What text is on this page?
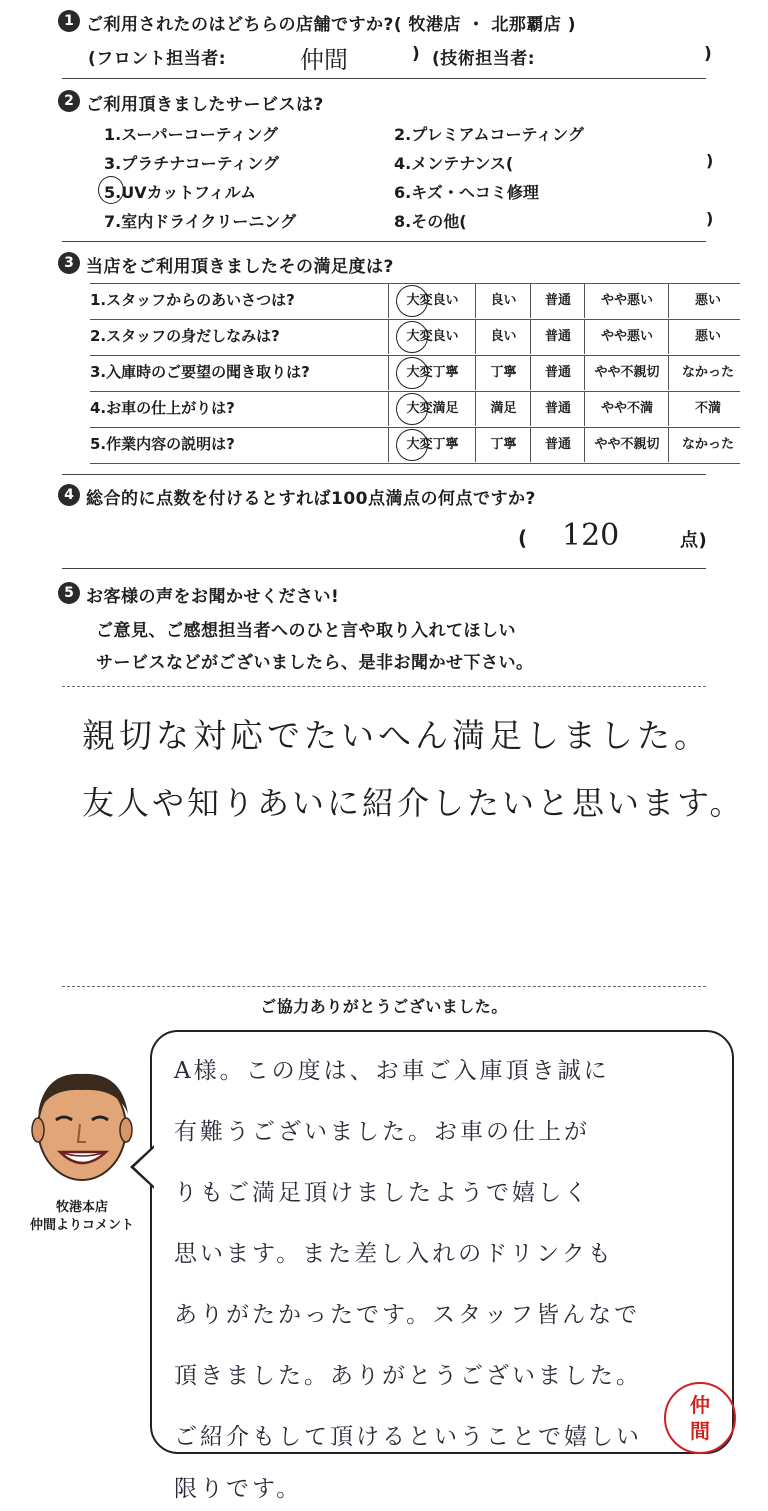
1 ご利用されたのはどちらの店舗ですか?( 牧港店 ・ 北那覇店 )
(フロント担当者:	仲間	) (技術担当者:	)
2 ご利用頂きましたサービスは?
1.スーパーコーティング	2.プレミアムコーティング
3.プラチナコーティング	4.メンテナンス(	)
5.UVカットフィルム	6.キズ・ヘコミ修理
7.室内ドライクリーニング	8.その他(	)
3 当店をご利用頂きましたその満足度は?
1.スタッフからのあいさつは?	大変良い	良い	普通	やや悪い	悪い
2.スタッフの身だしなみは?	大変良い	良い	普通	やや悪い	悪い
3.入庫時のご要望の聞き取りは?	大変丁寧	丁寧	普通	やや不親切	なかった
4.お車の仕上がりは?	大変満足	満足	普通	やや不満	不満
5.作業内容の説明は?	大変丁寧	丁寧	普通	やや不親切	なかった
4 総合的に点数を付けるとすれば100点満点の何点ですか?
( 120	点)
5 お客様の声をお聞かせください!
ご意見、ご感想担当者へのひと言や取り入れてほしい
サービスなどがございましたら、是非お聞かせ下さい。
親切な対応でたいへん満足しました。
友人や知りあいに紹介したいと思います。
ご協力ありがとうございました。
牧港本店
仲間よりコメント
A様。この度は、お車ご入庫頂き誠に
有難うございました。お車の仕上が
りもご満足頂けましたようで嬉しく
思います。また差し入れのドリンクも
ありがたかったです。スタッフ皆んなで
頂きました。ありがとうございました。
ご紹介もして頂けるということで嬉しい
限りです。
仲
間
